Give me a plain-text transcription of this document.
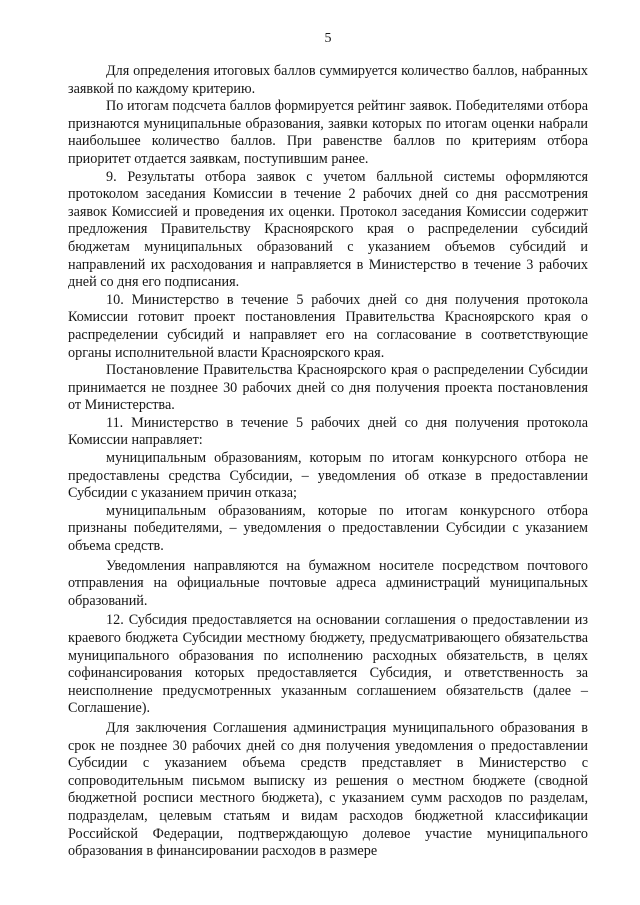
5

Для определения итоговых баллов суммируется количество баллов, набранных заявкой по каждому критерию.

По итогам подсчета баллов формируется рейтинг заявок. Победителями отбора признаются муниципальные образования, заявки которых по итогам оценки набрали наибольшее количество баллов. При равенстве баллов по критериям отбора приоритет отдается заявкам, поступившим ранее.

9. Результаты отбора заявок с учетом балльной системы оформляются протоколом заседания Комиссии в течение 2 рабочих дней со дня рассмотрения заявок Комиссией и проведения их оценки. Протокол заседания Комиссии содержит предложения Правительству Красноярского края о распределении субсидий бюджетам муниципальных образований с указанием объемов субсидий и направлений их расходования и направляется в Министерство в течение 3 рабочих дней со дня его подписания.

10. Министерство в течение 5 рабочих дней со дня получения протокола Комиссии готовит проект постановления Правительства Красноярского края о распределении субсидий и направляет его на согласование в соответствующие органы исполнительной власти Красноярского края.

Постановление Правительства Красноярского края о распределении Субсидии принимается не позднее 30 рабочих дней со дня получения проекта постановления от Министерства.

11. Министерство в течение 5 рабочих дней со дня получения протокола Комиссии направляет:

муниципальным образованиям, которым по итогам конкурсного отбора не предоставлены средства Субсидии, – уведомления об отказе в предоставлении Субсидии с указанием причин отказа;

муниципальным образованиям, которые по итогам конкурсного отбора признаны победителями, – уведомления о предоставлении Субсидии с указанием объема средств.

Уведомления направляются на бумажном носителе посредством почтового отправления на официальные почтовые адреса администраций муниципальных образований.

12. Субсидия предоставляется на основании соглашения о предоставлении из краевого бюджета Субсидии местному бюджету, предусматривающего обязательства муниципального образования по исполнению расходных обязательств, в целях софинансирования которых предоставляется Субсидия, и ответственность за неисполнение предусмотренных указанным соглашением обязательств (далее – Соглашение).

Для заключения Соглашения администрация муниципального образования в срок не позднее 30 рабочих дней со дня получения уведомления о предоставлении Субсидии с указанием объема средств представляет в Министерство с сопроводительным письмом выписку из решения о местном бюджете (сводной бюджетной росписи местного бюджета), с указанием сумм расходов по разделам, подразделам, целевым статьям и видам расходов бюджетной классификации Российской Федерации, подтверждающую долевое участие муниципального образования в финансировании расходов в размере
